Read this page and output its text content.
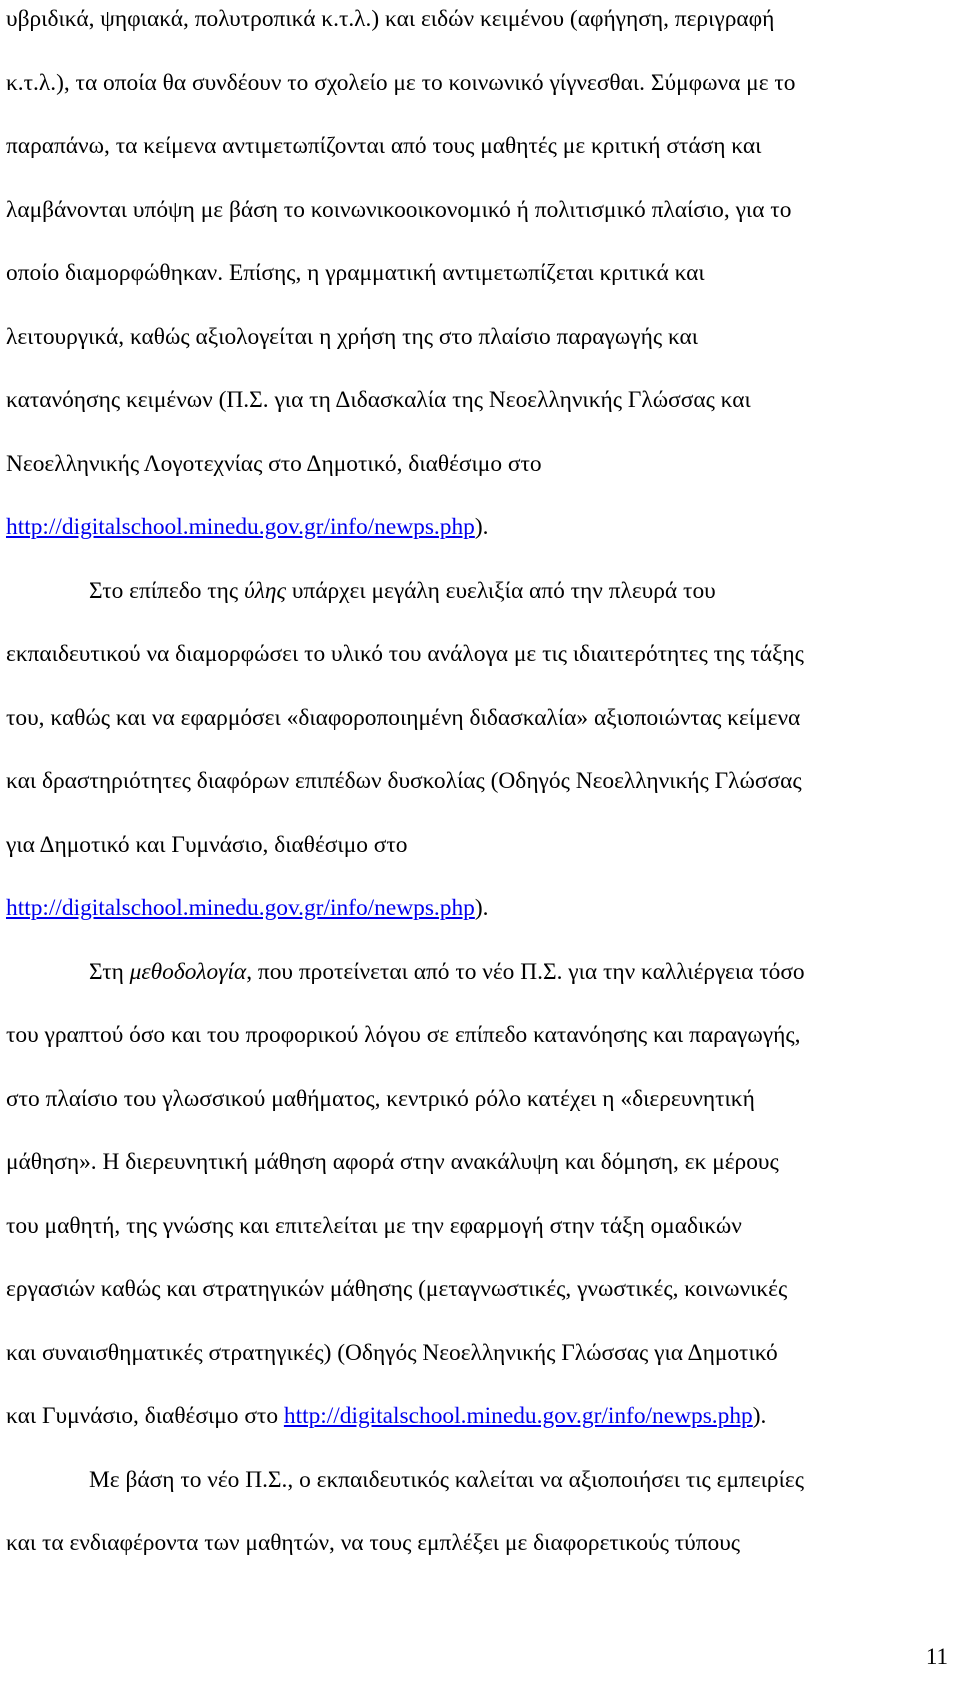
υβριδικά, ψηφιακά, πολυτροπικά κ.τ.λ.) και ειδών κειμένου (αφήγηση, περιγραφή
κ.τ.λ.), τα οποία θα συνδέουν το σχολείο με το κοινωνικό γίγνεσθαι. Σύμφωνα με το
παραπάνω, τα κείμενα αντιμετωπίζονται από τους μαθητές με κριτική στάση και
λαμβάνονται υπόψη με βάση το κοινωνικοοικονομικό ή πολιτισμικό πλαίσιο, για το
οποίο διαμορφώθηκαν. Επίσης, η γραμματική αντιμετωπίζεται κριτικά και
λειτουργικά, καθώς αξιολογείται η χρήση της στο πλαίσιο παραγωγής και
κατανόησης κειμένων (Π.Σ. για τη Διδασκαλία της Νεοελληνικής Γλώσσας και
Νεοελληνικής Λογοτεχνίας στο Δημοτικό, διαθέσιμο στο
http://digitalschool.minedu.gov.gr/info/newps.php).

Στο επίπεδο της ύλης υπάρχει μεγάλη ευελιξία από την πλευρά του
εκπαιδευτικού να διαμορφώσει το υλικό του ανάλογα με τις ιδιαιτερότητες της τάξης
του, καθώς και να εφαρμόσει «διαφοροποιημένη διδασκαλία» αξιοποιώντας κείμενα
και δραστηριότητες διαφόρων επιπέδων δυσκολίας (Οδηγός Νεοελληνικής Γλώσσας
για Δημοτικό και Γυμνάσιο, διαθέσιμο στο
http://digitalschool.minedu.gov.gr/info/newps.php).

Στη μεθοδολογία, που προτείνεται από το νέο Π.Σ. για την καλλιέργεια τόσο
του γραπτού όσο και του προφορικού λόγου σε επίπεδο κατανόησης και παραγωγής,
στο πλαίσιο του γλωσσικού μαθήματος, κεντρικό ρόλο κατέχει η «διερευνητική
μάθηση». Η διερευνητική μάθηση αφορά στην ανακάλυψη και δόμηση, εκ μέρους
του μαθητή, της γνώσης και επιτελείται με την εφαρμογή στην τάξη ομαδικών
εργασιών καθώς και στρατηγικών μάθησης (μεταγνωστικές, γνωστικές, κοινωνικές
και συναισθηματικές στρατηγικές) (Οδηγός Νεοελληνικής Γλώσσας για Δημοτικό
και Γυμνάσιο, διαθέσιμο στο http://digitalschool.minedu.gov.gr/info/newps.php).

Με βάση το νέο Π.Σ., ο εκπαιδευτικός καλείται να αξιοποιήσει τις εμπειρίες
και τα ενδιαφέροντα των μαθητών, να τους εμπλέξει με διαφορετικούς τύπους

11
